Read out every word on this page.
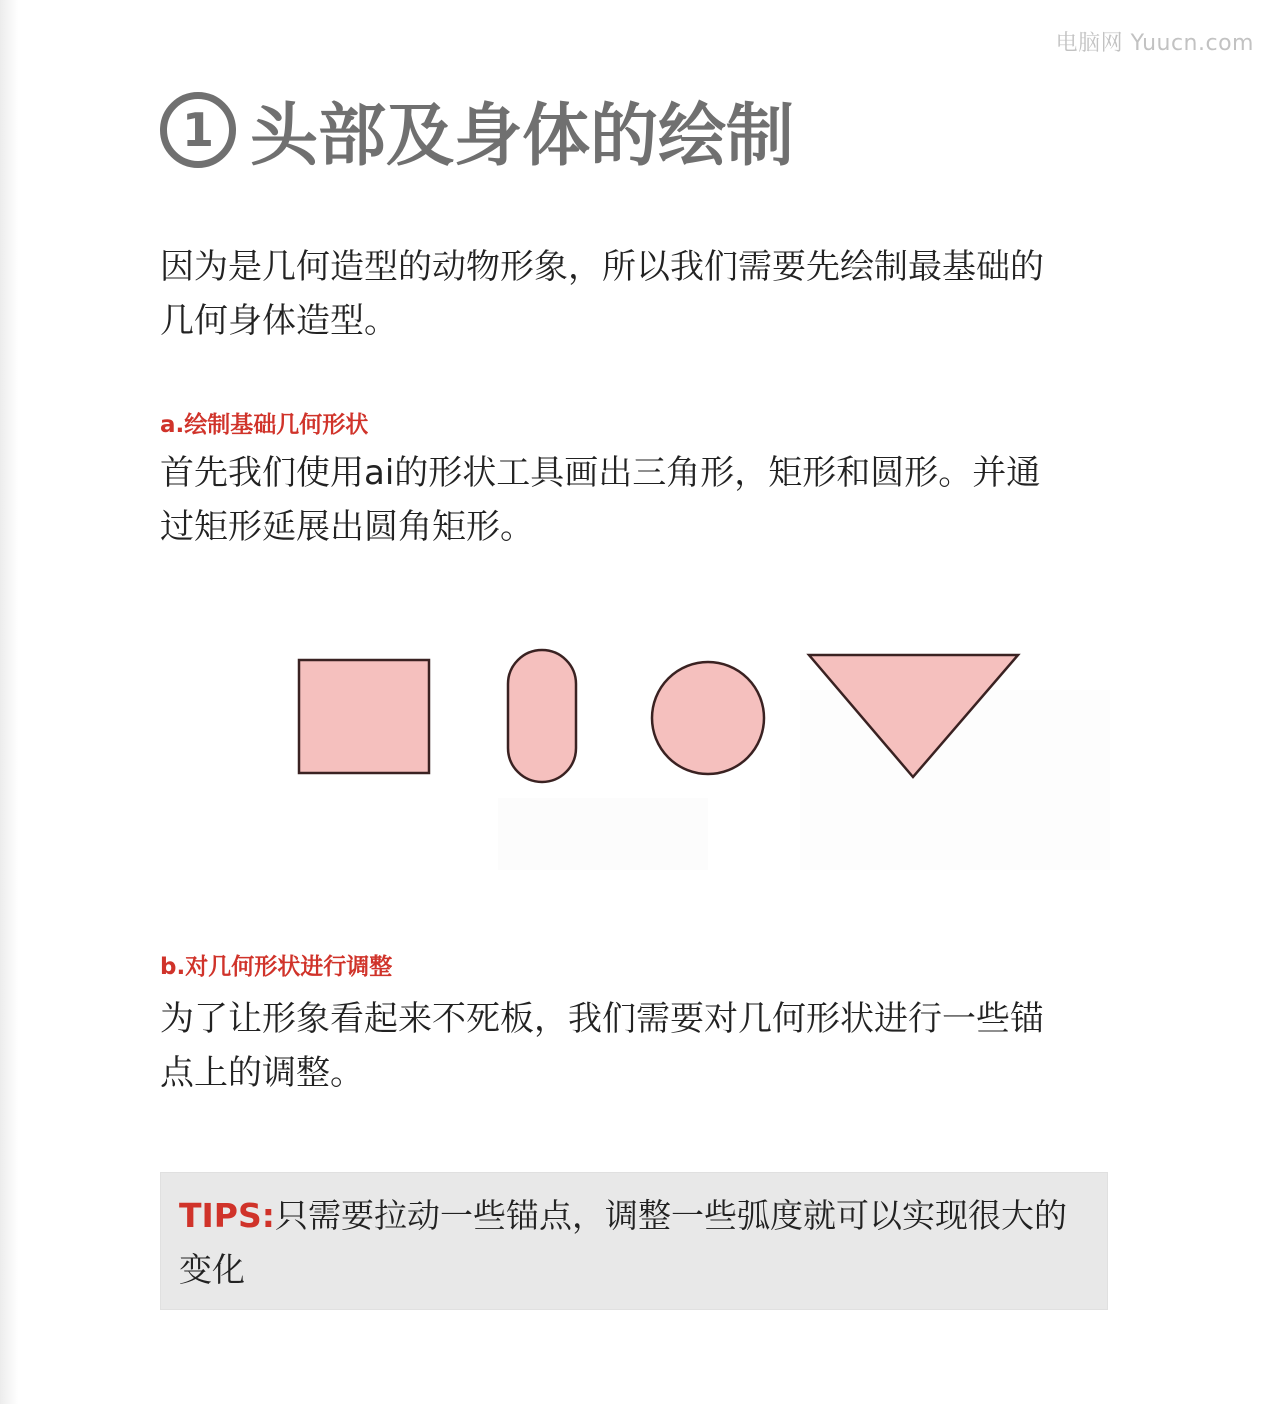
电脑网 Yuucn.com
1 头部及身体的绘制

因为是几何造型的动物形象，所以我们需要先绘制最基础的
几何身体造型。

a.绘制基础几何形状

首先我们使用ai的形状工具画出三角形，矩形和圆形。并通
过矩形延展出圆角矩形。

b.对几何形状进行调整

为了让形象看起来不死板，我们需要对几何形状进行一些锚
点上的调整。

TIPS:只需要拉动一些锚点，调整一些弧度就可以实现很大的
变化
